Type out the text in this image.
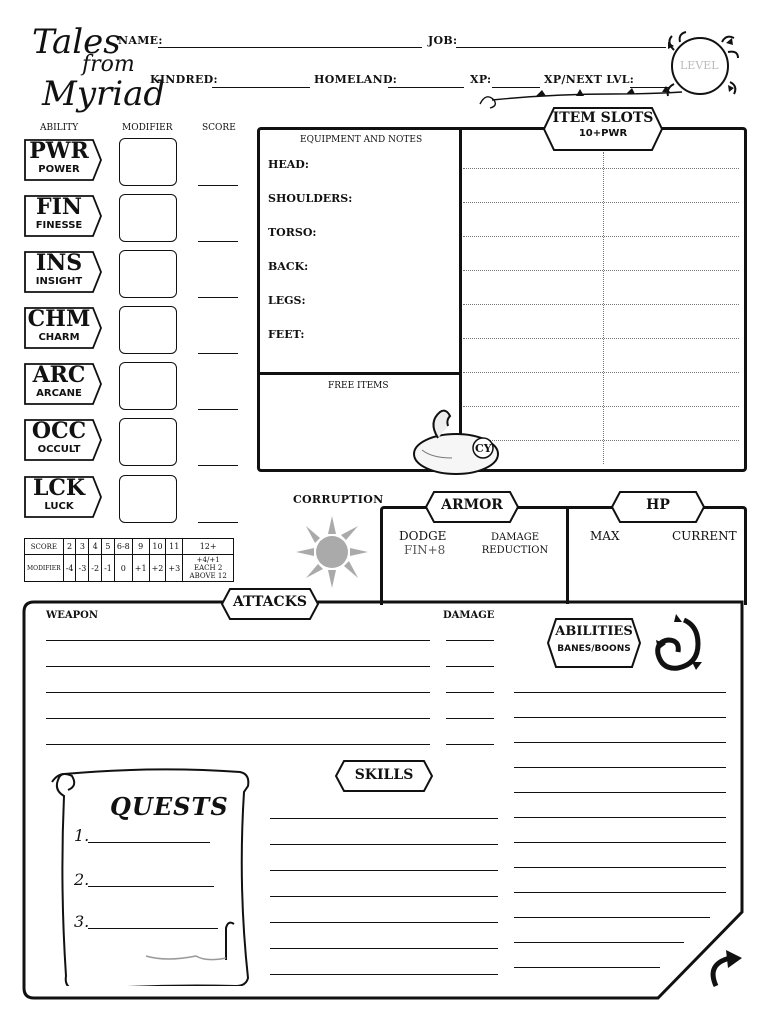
Tales
from
Myriad
NAME:	JOB:
KINDRED:	HOMELAND:	XP:	XP/NEXT LVL:
LEVEL
ABILITY	MODIFIER	SCORE
PWR
POWER
FIN
FINESSE
INS
INSIGHT
CHM
CHARM
ARC
ARCANE
OCC
OCCULT
LCK
LUCK
SCORE	2	3	4	5	6-8	9	10	11	12+
MODIFIER	-4	-3	-2	-1	0	+1	+2	+3	+4/+1 EACH 2 ABOVE 12
EQUIPMENT AND NOTES
HEAD:
SHOULDERS:
TORSO:
BACK:
LEGS:
FEET:
FREE ITEMS
ITEM SLOTS
10+PWR
CY
CORRUPTION	ARMOR
DODGE
FIN+8
DAMAGE REDUCTION
HP
MAX	CURRENT
ATTACKS
WEAPON	DAMAGE
ABILITIES
BANES/BOONS
SKILLS
QUESTS
1.
2.
3.
